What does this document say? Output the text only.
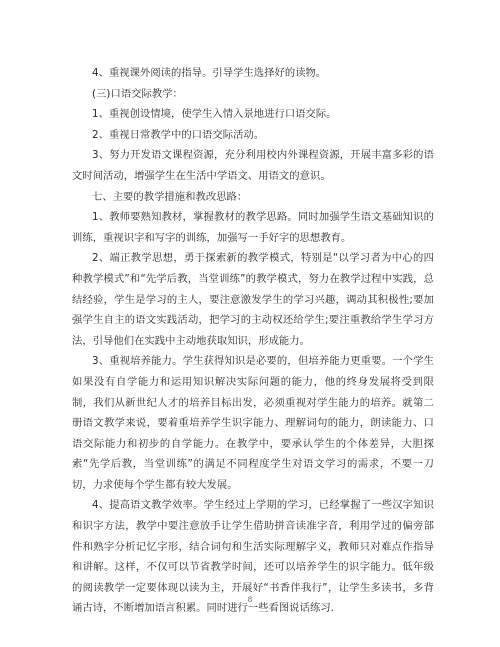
4、重视课外阅读的指导。引导学生选择好的读物。

(三)口语交际教学：

1、重视创设情境，使学生入情入景地进行口语交际。

2、重视日常教学中的口语交际活动。

3、努力开发语文课程资源，充分利用校内外课程资源，开展丰富多彩的语文时间活动，增强学生在生活中学语文、用语文的意识。

七、主要的教学措施和教改思路：

1、教师要熟知教材，掌握教材的教学思路。同时加强学生语文基础知识的训练，重视识字和写字的训练，加强写一手好字的思想教育。

2、端正教学思想，勇于探索新的教学模式，特别是“以学习者为中心的四种教学模式”和“先学后教，当堂训练”的教学模式，努力在教学过程中实践，总结经验，学生是学习的主人，要注意激发学生的学习兴趣，调动其积极性;要加强学生自主的语文实践活动，把学习的主动权还给学生;要注重教给学生学习方法，引导他们在实践中主动地获取知识，形成能力。

3、重视培养能力。学生获得知识是必要的，但培养能力更重要。一个学生如果没有自学能力和运用知识解决实际问题的能力，他的终身发展将受到限制，我们从新世纪人才的培养目标出发，必须重视对学生能力的培养。就第二册语文教学来说，要着重培养学生识字能力、理解词句的能力，朗读能力、口语交际能力和初步的自学能力。在教学中，要承认学生的个体差异，大胆探索“先学后教，当堂训练”的满足不同程度学生对语文学习的需求，不要一刀切，力求使每个学生都有较大发展。

4、提高语文教学效率。学生经过上学期的学习，已经掌握了一些汉字知识和识字方法，教学中要注意放手让学生借助拼音读准字音，利用学过的偏旁部件和熟字分析记忆字形，结合词句和生活实际理解字义，教师只对难点作指导和讲解。这样，不仅可以节省教学时间，还可以培养学生的识字能力。低年级的阅读教学一定要体现以读为主，开展好“书香伴我行”，让学生多读书，多背诵古诗，不断增加语言积累。同时进行一些看图说话练习.

8
